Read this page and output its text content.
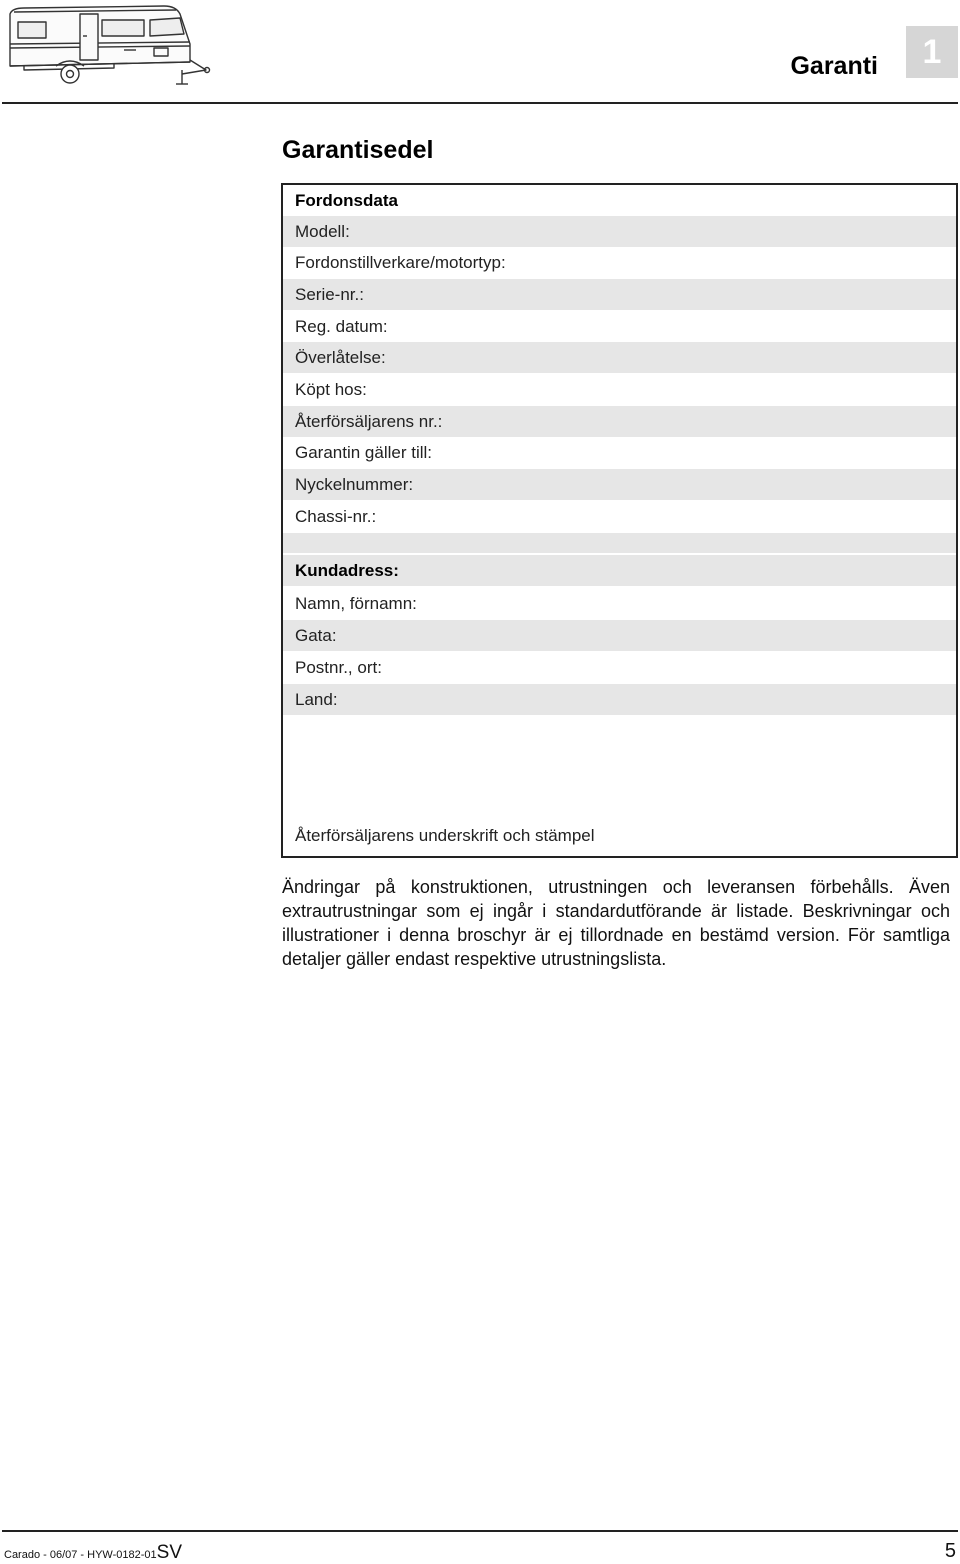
Garanti	1
Garantisedel
Fordonsdata
Modell:
Fordonstillverkare/motortyp:
Serie-nr.:
Reg. datum:
Överlåtelse:
Köpt hos:
Återförsäljarens nr.:
Garantin gäller till:
Nyckelnummer:
Chassi-nr.:
Kundadress:
Namn, förnamn:
Gata:
Postnr., ort:
Land:
Återförsäljarens underskrift och stämpel
Ändringar på konstruktionen, utrustningen och leveransen förbehålls. Även extrautrustningar som ej ingår i standardutförande är listade. Beskrivningar och illustrationer i denna broschyr är ej tillordnade en bestämd version. För samtliga detaljer gäller endast respektive utrustningslista.
Carado - 06/07 - HYW-0182-01SV	5
